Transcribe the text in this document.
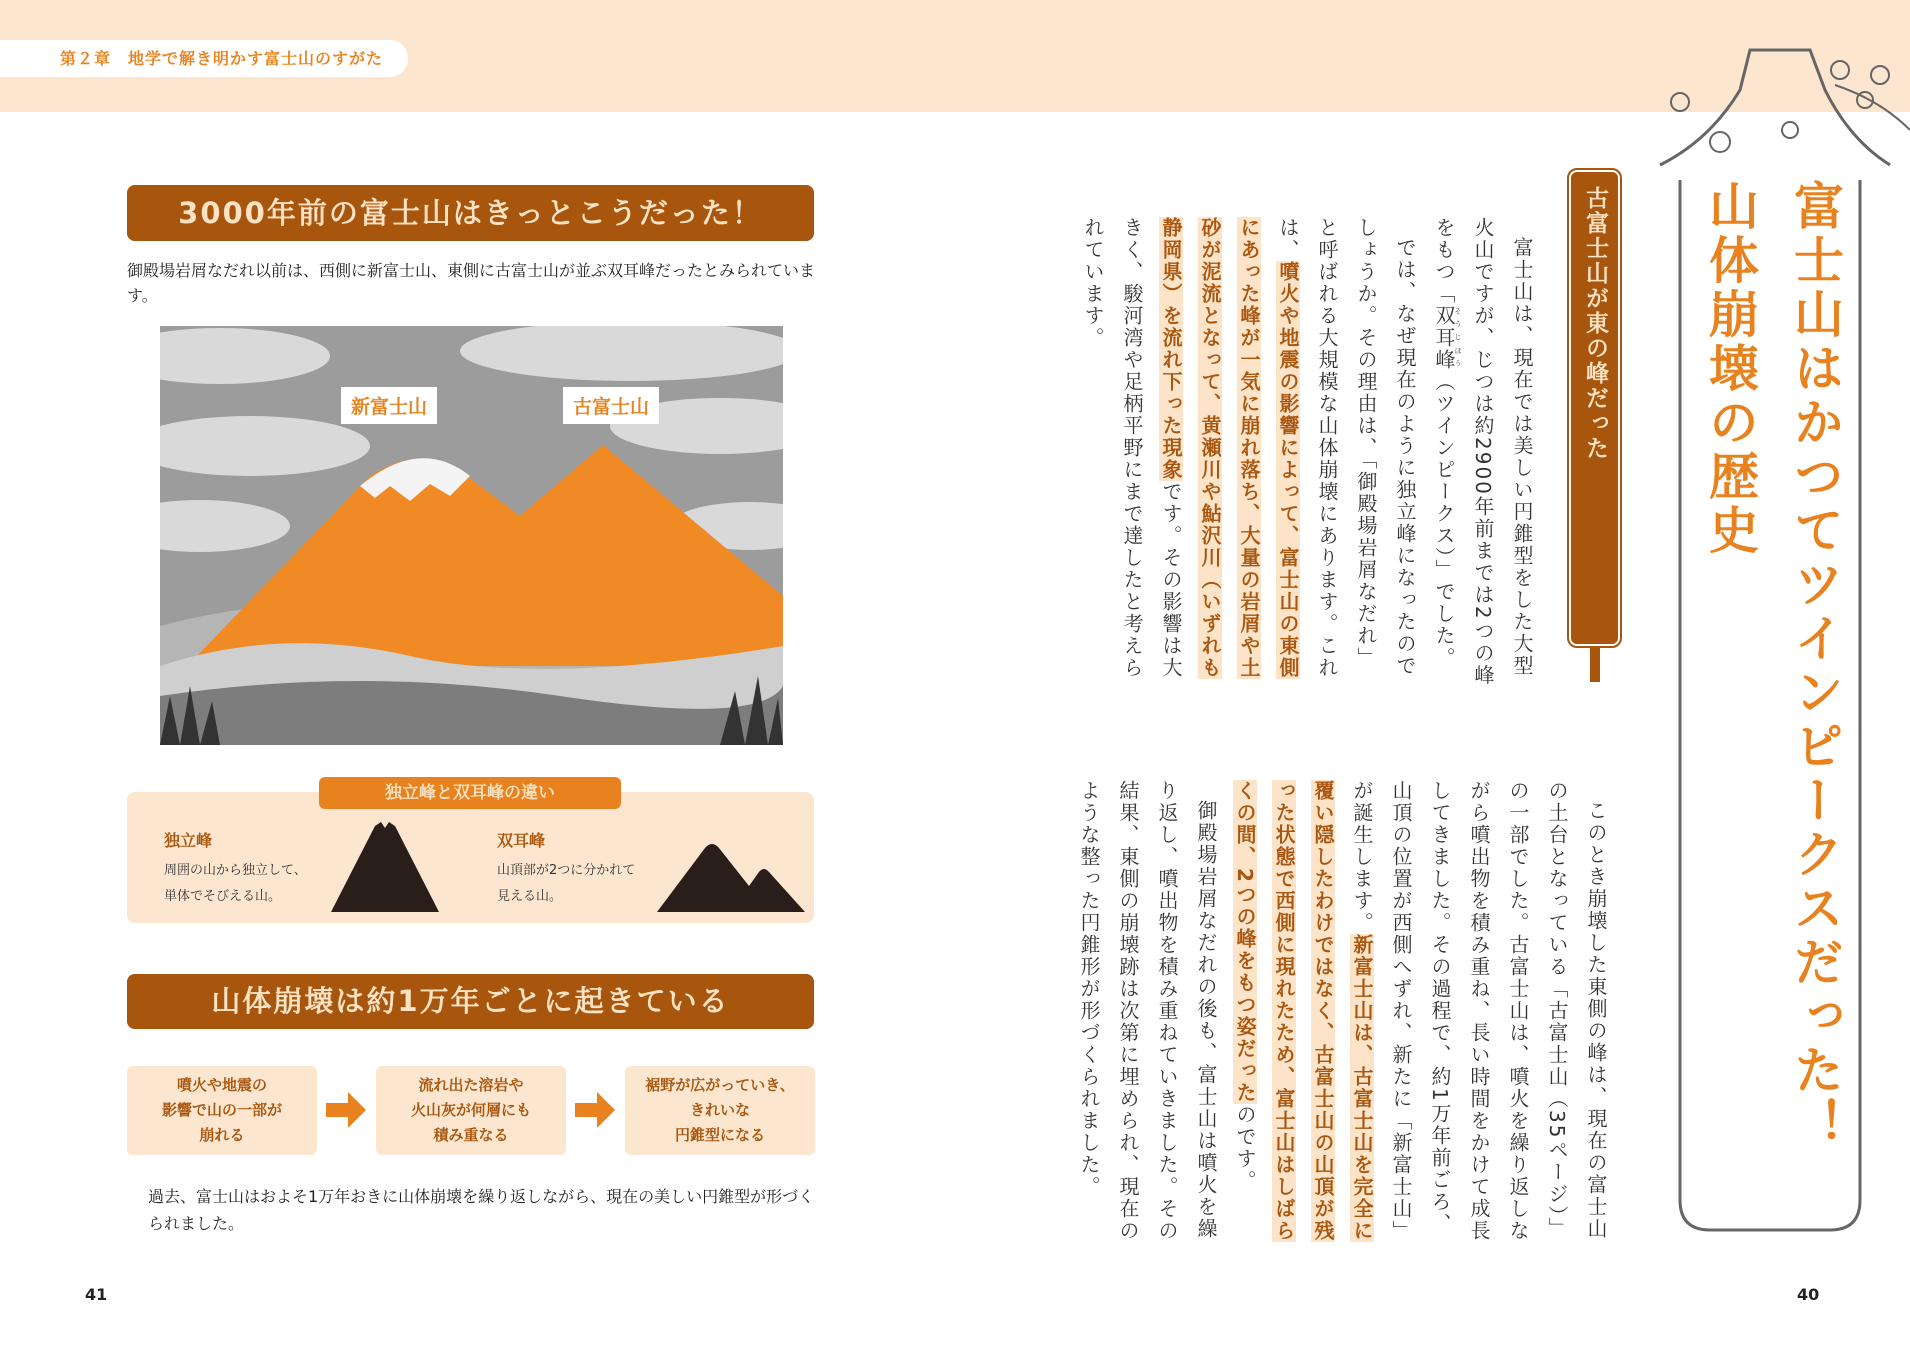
第２章　地学で解き明かす富士山のすがた
3000年前の富士山はきっとこうだった！
御殿場岩屑なだれ以前は、西側に新富士山、東側に古富士山が並ぶ双耳峰だったとみられています。
新富士山	古富士山
独立峰
周囲の山から独立して、
単体でそびえる山。
双耳峰
山頂部が2つに分かれて
見える山。
独立峰と双耳峰の違い
山体崩壊は約1万年ごとに起きている
噴火や地震の
影響で山の一部が
崩れる
流れ出た溶岩や
火山灰が何層にも
積み重なる
裾野が広がっていき、
きれいな
円錐型になる
過去、富士山はおよそ1万年おきに山体崩壊を繰り返しながら、現在の美しい円錐型が形づくられました。
41
富士山はかつてツインピークスだった！
山体崩壊の歴史
古富士山が東の峰だった

富士山は、現在では美しい円錐型をした大型火山ですが、じつは約2900年前までは2つの峰をもつ「双耳峰そうじほう（ツインピークス）」でした。

では、なぜ現在のように独立峰になったのでしょうか。その理由は、「御殿場岩屑なだれ」と呼ばれる大規模な山体崩壊にあります。これは、噴火や地震の影響によって、富士山の東側にあった峰が一気に崩れ落ち、大量の岩屑や土砂が泥流となって、黄瀬川や鮎沢川（いずれも静岡県）を流れ下った現象です。その影響は大きく、駿河湾や足柄平野にまで達したと考えられています。

このとき崩壊した東側の峰は、現在の富士山の土台となっている「古富士山（35ページ）」の一部でした。古富士山は、噴火を繰り返しながら噴出物を積み重ね、長い時間をかけて成長してきました。その過程で、約1万年前ごろ、山頂の位置が西側へずれ、新たに「新富士山」が誕生します。新富士山は、古富士山を完全に覆い隠したわけではなく、古富士山の山頂が残った状態で西側に現れたため、富士山はしばらくの間、2つの峰をもつ姿だったのです。

御殿場岩屑なだれの後も、富士山は噴火を繰り返し、噴出物を積み重ねていきました。その結果、東側の崩壊跡は次第に埋められ、現在のような整った円錐形が形づくられました。

40
